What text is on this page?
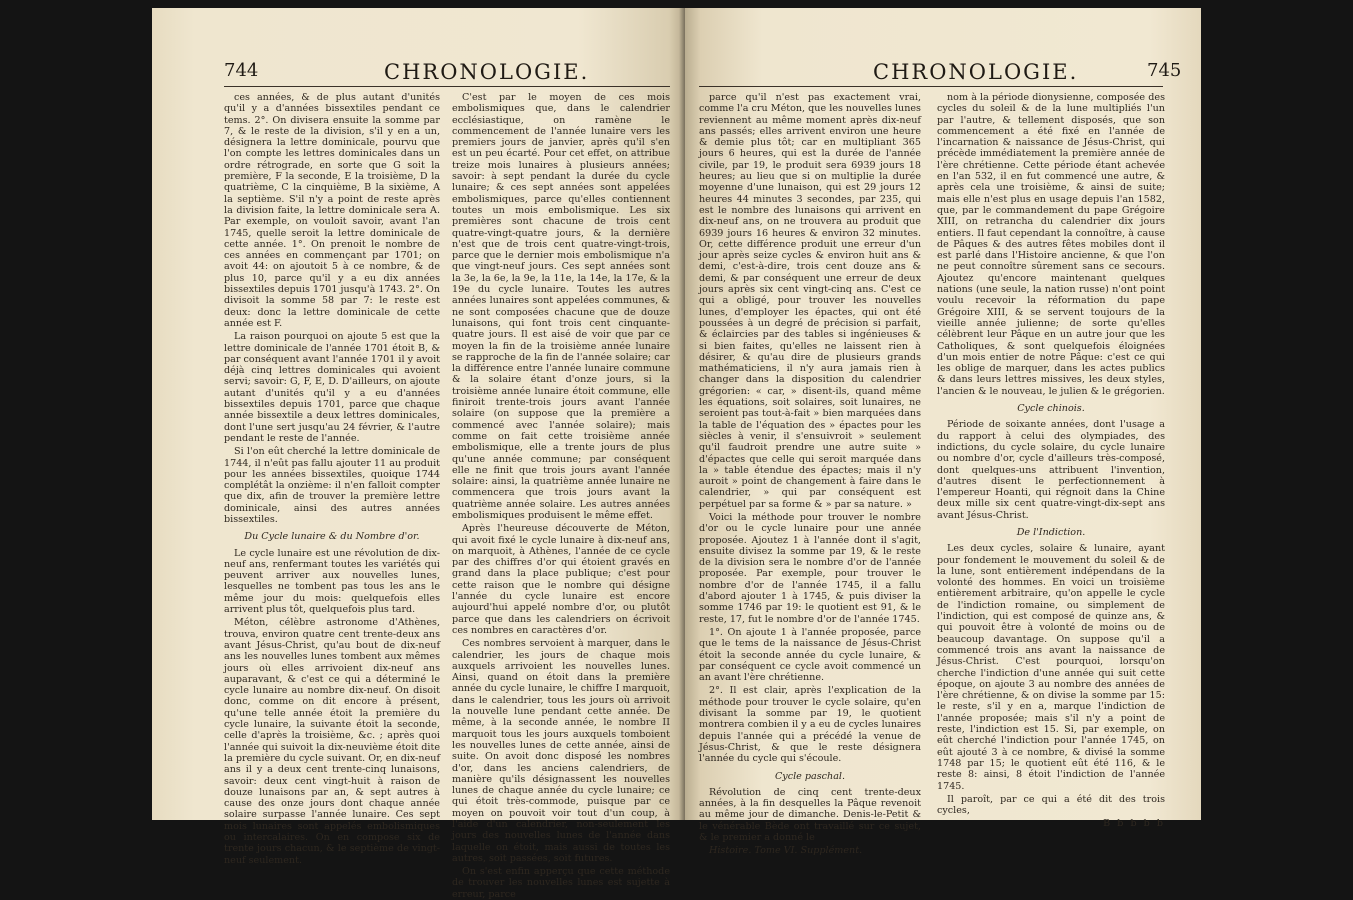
744	CHRONOLOGIE.

ces années, & de plus autant d'unités qu'il y a d'années bissextiles pendant ce tems. 2°. On divisera ensuite la somme par 7, & le reste de la division, s'il y en a un, désignera la lettre dominicale, pourvu que l'on compte les lettres dominicales dans un ordre rétrograde, en sorte que G soit la première, F la seconde, E la troisième, D la quatrième, C la cinquième, B la sixième, A la septième. S'il n'y a point de reste après la division faite, la lettre dominicale sera A. Par exemple, on vouloit savoir, avant l'an 1745, quelle seroit la lettre dominicale de cette année. 1°. On prenoit le nombre de ces années en commençant par 1701; on avoit 44: on ajoutoit 5 à ce nombre, & de plus 10, parce qu'il y a eu dix années bissextiles depuis 1701 jusqu'à 1743. 2°. On divisoit la somme 58 par 7: le reste est deux: donc la lettre dominicale de cette année est F.

La raison pourquoi on ajoute 5 est que la lettre dominicale de l'année 1701 étoit B, & par conséquent avant l'année 1701 il y avoit déjà cinq lettres dominicales qui avoient servi; savoir: G, F, E, D. D'ailleurs, on ajoute autant d'unités qu'il y a eu d'années bissextiles depuis 1701, parce que chaque année bissextile a deux lettres dominicales, dont l'une sert jusqu'au 24 février, & l'autre pendant le reste de l'année.

Si l'on eût cherché la lettre dominicale de 1744, il n'eût pas fallu ajouter 11 au produit pour les années bissextiles, quoique 1744 complétât la onzième: il n'en falloit compter que dix, afin de trouver la première lettre dominicale, ainsi des autres années bissextiles.

Du Cycle lunaire & du Nombre d'or.

Le cycle lunaire est une révolution de dix-neuf ans, renfermant toutes les variétés qui peuvent arriver aux nouvelles lunes, lesquelles ne tombent pas tous les ans le même jour du mois: quelquefois elles arrivent plus tôt, quelquefois plus tard.

Méton, célèbre astronome d'Athènes, trouva, environ quatre cent trente-deux ans avant Jésus-Christ, qu'au bout de dix-neuf ans les nouvelles lunes tombent aux mêmes jours où elles arrivoient dix-neuf ans auparavant, & c'est ce qui a déterminé le cycle lunaire au nombre dix-neuf. On disoit donc, comme on dit encore à présent, qu'une telle année étoit la première du cycle lunaire, la suivante étoit la seconde, celle d'après la troisième, &c. ; après quoi l'année qui suivoit la dix-neuvième étoit dite la première du cycle suivant. Or, en dix-neuf ans il y a deux cent trente-cinq lunaisons, savoir: deux cent vingt-huit à raison de douze lunaisons par an, & sept autres à cause des onze jours dont chaque année solaire surpasse l'année lunaire. Ces sept mois lunaires sont appelés embolismiques ou intercalaires. On en compose six de trente jours chacun, & le septième de vingt-neuf seulement.

C'est par le moyen de ces mois embolismiques que, dans le calendrier ecclésiastique, on ramène le commencement de l'année lunaire vers les premiers jours de janvier, après qu'il s'en est un peu écarté. Pour cet effet, on attribue treize mois lunaires à plusieurs années; savoir: à sept pendant la durée du cycle lunaire; & ces sept années sont appelées embolismiques, parce qu'elles contiennent toutes un mois embolismique. Les six premières sont chacune de trois cent quatre-vingt-quatre jours, & la dernière n'est que de trois cent quatre-vingt-trois, parce que le dernier mois embolismique n'a que vingt-neuf jours. Ces sept années sont la 3e, la 6e, la 9e, la 11e, la 14e, la 17e, & la 19e du cycle lunaire. Toutes les autres années lunaires sont appelées communes, & ne sont composées chacune que de douze lunaisons, qui font trois cent cinquante-quatre jours. Il est aisé de voir que par ce moyen la fin de la troisième année lunaire se rapproche de la fin de l'année solaire; car la différence entre l'année lunaire commune & la solaire étant d'onze jours, si la troisième année lunaire étoit commune, elle finiroit trente-trois jours avant l'année solaire (on suppose que la première a commencé avec l'année solaire); mais comme on fait cette troisième année embolismique, elle a trente jours de plus qu'une année commune; par conséquent elle ne finit que trois jours avant l'année solaire: ainsi, la quatrième année lunaire ne commencera que trois jours avant la quatrième année solaire. Les autres années embolismiques produisent le même effet.

Après l'heureuse découverte de Méton, qui avoit fixé le cycle lunaire à dix-neuf ans, on marquoit, à Athènes, l'année de ce cycle par des chiffres d'or qui étoient gravés en grand dans la place publique; c'est pour cette raison que le nombre qui désigne l'année du cycle lunaire est encore aujourd'hui appelé nombre d'or, ou plutôt parce que dans les calendriers on écrivoit ces nombres en caractères d'or.

Ces nombres servoient à marquer, dans le calendrier, les jours de chaque mois auxquels arrivoient les nouvelles lunes. Ainsi, quand on étoit dans la première année du cycle lunaire, le chiffre I marquoit, dans le calendrier, tous les jours où arrivoit la nouvelle lune pendant cette année. De même, à la seconde année, le nombre II marquoit tous les jours auxquels tomboient les nouvelles lunes de cette année, ainsi de suite. On avoit donc disposé les nombres d'or, dans les anciens calendriers, de manière qu'ils désignassent les nouvelles lunes de chaque année du cycle lunaire; ce qui étoit très-commode, puisque par ce moyen on pouvoit voir tout d'un coup, à l'aide d'un calendrier, non-seulement les jours des nouvelles lunes de l'année dans laquelle on étoit, mais aussi de toutes les autres, soit passées, soit futures.

On s'est enfin apperçu que cette méthode de trouver les nouvelles lunes est sujette à erreur, parce

CHRONOLOGIE.	745

parce qu'il n'est pas exactement vrai, comme l'a cru Méton, que les nouvelles lunes reviennent au même moment après dix-neuf ans passés; elles arrivent environ une heure & demie plus tôt; car en multipliant 365 jours 6 heures, qui est la durée de l'année civile, par 19, le produit sera 6939 jours 18 heures; au lieu que si on multiplie la durée moyenne d'une lunaison, qui est 29 jours 12 heures 44 minutes 3 secondes, par 235, qui est le nombre des lunaisons qui arrivent en dix-neuf ans, on ne trouvera au produit que 6939 jours 16 heures & environ 32 minutes. Or, cette différence produit une erreur d'un jour après seize cycles & environ huit ans & demi, c'est-à-dire, trois cent douze ans & demi, & par conséquent une erreur de deux jours après six cent vingt-cinq ans. C'est ce qui a obligé, pour trouver les nouvelles lunes, d'employer les épactes, qui ont été poussées à un degré de précision si parfait, & éclaircies par des tables si ingénieuses & si bien faites, qu'elles ne laissent rien à désirer, & qu'au dire de plusieurs grands mathématiciens, il n'y aura jamais rien à changer dans la disposition du calendrier grégorien: « car, » disent-ils, quand même les équations, soit solaires, soit lunaires, ne seroient pas tout-à-fait » bien marquées dans la table de l'équation des » épactes pour les siècles à venir, il s'ensuivroit » seulement qu'il faudroit prendre une autre suite » d'épactes que celle qui seroit marquée dans la » table étendue des épactes; mais il n'y auroit » point de changement à faire dans le calendrier, » qui par conséquent est perpétuel par sa forme & » par sa nature. »

Voici la méthode pour trouver le nombre d'or ou le cycle lunaire pour une année proposée. Ajoutez 1 à l'année dont il s'agit, ensuite divisez la somme par 19, & le reste de la division sera le nombre d'or de l'année proposée. Par exemple, pour trouver le nombre d'or de l'année 1745, il a fallu d'abord ajouter 1 à 1745, & puis diviser la somme 1746 par 19: le quotient est 91, & le reste, 17, fut le nombre d'or de l'année 1745.

1°. On ajoute 1 à l'année proposée, parce que le tems de la naissance de Jésus-Christ étoit la seconde année du cycle lunaire, & par conséquent ce cycle avoit commencé un an avant l'ère chrétienne.

2°. Il est clair, après l'explication de la méthode pour trouver le cycle solaire, qu'en divisant la somme par 19, le quotient montrera combien il y a eu de cycles lunaires depuis l'année qui a précédé la venue de Jésus-Christ, & que le reste désignera l'année du cycle qui s'écoule.

Cycle paschal.

Révolution de cinq cent trente-deux années, à la fin desquelles la Pâque revenoit au même jour de dimanche. Denis-le-Petit & le vénérable Bède ont travaillé sur ce sujet, & le premier a donné le

Histoire. Tome VI. Supplément.

nom à la période dionysienne, composée des cycles du soleil & de la lune multipliés l'un par l'autre, & tellement disposés, que son commencement a été fixé en l'année de l'incarnation & naissance de Jésus-Christ, qui précède immédiatement la première année de l'ère chrétienne. Cette période étant achevée en l'an 532, il en fut commencé une autre, & après cela une troisième, & ainsi de suite; mais elle n'est plus en usage depuis l'an 1582, que, par le commandement du pape Grégoire XIII, on retrancha du calendrier dix jours entiers. Il faut cependant la connoître, à cause de Pâques & des autres fêtes mobiles dont il est parlé dans l'Histoire ancienne, & que l'on ne peut connoître sûrement sans ce secours. Ajoutez qu'encore maintenant quelques nations (une seule, la nation russe) n'ont point voulu recevoir la réformation du pape Grégoire XIII, & se servent toujours de la vieille année julienne; de sorte qu'elles célèbrent leur Pâque en un autre jour que les Catholiques, & sont quelquefois éloignées d'un mois entier de notre Pâque: c'est ce qui les oblige de marquer, dans les actes publics & dans leurs lettres missives, les deux styles, l'ancien & le nouveau, le julien & le grégorien.

Cycle chinois.

Période de soixante années, dont l'usage a du rapport à celui des olympiades, des indictions, du cycle solaire, du cycle lunaire ou nombre d'or, cycle d'ailleurs très-composé, dont quelques-uns attribuent l'invention, d'autres disent le perfectionnement à l'empereur Hoanti, qui régnoit dans la Chine deux mille six cent quatre-vingt-dix-sept ans avant Jésus-Christ.

De l'Indiction.

Les deux cycles, solaire & lunaire, ayant pour fondement le mouvement du soleil & de la lune, sont entièrement indépendans de la volonté des hommes. En voici un troisième entièrement arbitraire, qu'on appelle le cycle de l'indiction romaine, ou simplement de l'indiction, qui est composé de quinze ans, & qui pouvoit être à volonté de moins ou de beaucoup davantage. On suppose qu'il a commencé trois ans avant la naissance de Jésus-Christ. C'est pourquoi, lorsqu'on cherche l'indiction d'une année qui suit cette époque, on ajoute 3 au nombre des années de l'ère chrétienne, & on divise la somme par 15: le reste, s'il y en a, marque l'indiction de l'année proposée; mais s'il n'y a point de reste, l'indiction est 15. Si, par exemple, on eût cherché l'indiction pour l'année 1745, on eût ajouté 3 à ce nombre, & divisé la somme 1748 par 15; le quotient eût été 116, & le reste 8: ainsi, 8 étoit l'indiction de l'année 1745.

Il paroît, par ce qui a été dit des trois cycles,

B b b b b
